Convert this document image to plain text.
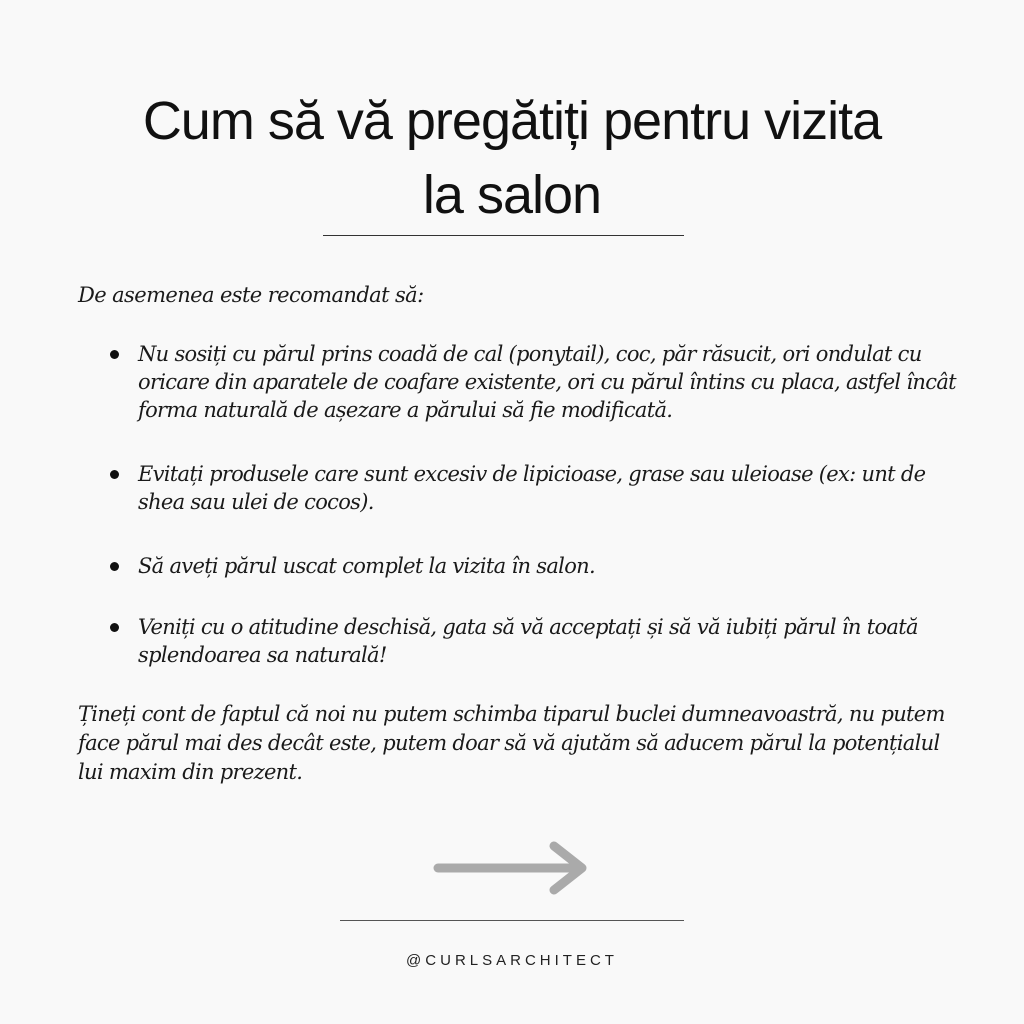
Cum să vă pregătiți pentru vizita
la salon
De asemenea este recomandat să:
Nu sosiți cu părul prins coadă de cal (ponytail), coc, păr răsucit, ori ondulat cu oricare din aparatele de coafare existente, ori cu părul întins cu placa, astfel încât forma naturală de așezare a părului să fie modificată.
Evitați produsele care sunt excesiv de lipicioase, grase sau uleioase (ex: unt de shea sau ulei de cocos).
Să aveți părul uscat complet la vizita în salon.
Veniți cu o atitudine deschisă, gata să vă acceptați și să vă iubiți părul în toată splendoarea sa naturală!
Țineți cont de faptul că noi nu putem schimba tiparul buclei dumneavoastră, nu putem face părul mai des decât este, putem doar să vă ajutăm să aducem părul la potențialul lui maxim din prezent.
@CURLSARCHITECT
